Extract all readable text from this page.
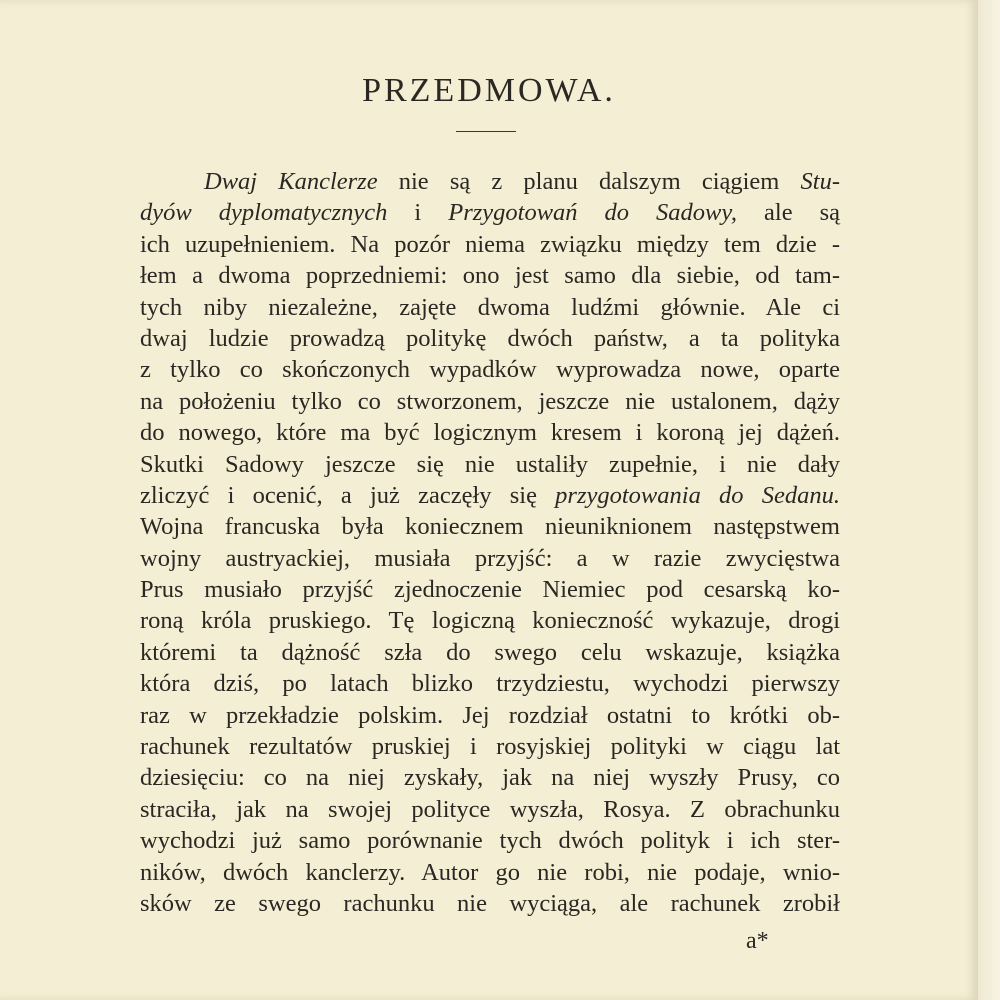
PRZEDMOWA.
Dwaj Kanclerze nie są z planu dalszym ciągiem Stu-
dyów dyplomatycznych i Przygotowań do Sadowy, ale są
ich uzupełnieniem. Na pozór niema związku między tem dzie -
łem a dwoma poprzedniemi: ono jest samo dla siebie, od tam-
tych niby niezależne, zajęte dwoma ludźmi głównie. Ale ci
dwaj ludzie prowadzą politykę dwóch państw, a ta polityka
z tylko co skończonych wypadków wyprowadza nowe, oparte
na położeniu tylko co stworzonem, jeszcze nie ustalonem, dąży
do nowego, które ma być logicznym kresem i koroną jej dążeń.
Skutki Sadowy jeszcze się nie ustaliły zupełnie, i nie dały
zliczyć i ocenić, a już zaczęły się przygotowania do Sedanu.
Wojna francuska była koniecznem nieuniknionem następstwem
wojny austryackiej, musiała przyjść: a w razie zwycięstwa
Prus musiało przyjść zjednoczenie Niemiec pod cesarską ko-
roną króla pruskiego. Tę logiczną konieczność wykazuje, drogi
któremi ta dążność szła do swego celu wskazuje, książka
która dziś, po latach blizko trzydziestu, wychodzi pierwszy
raz w przekładzie polskim. Jej rozdział ostatni to krótki ob-
rachunek rezultatów pruskiej i rosyjskiej polityki w ciągu lat
dziesięciu: co na niej zyskały, jak na niej wyszły Prusy, co
straciła, jak na swojej polityce wyszła, Rosya. Z obrachunku
wychodzi już samo porównanie tych dwóch polityk i ich ster-
ników, dwóch kanclerzy. Autor go nie robi, nie podaje, wnio-
sków ze swego rachunku nie wyciąga, ale rachunek zrobił
a*
